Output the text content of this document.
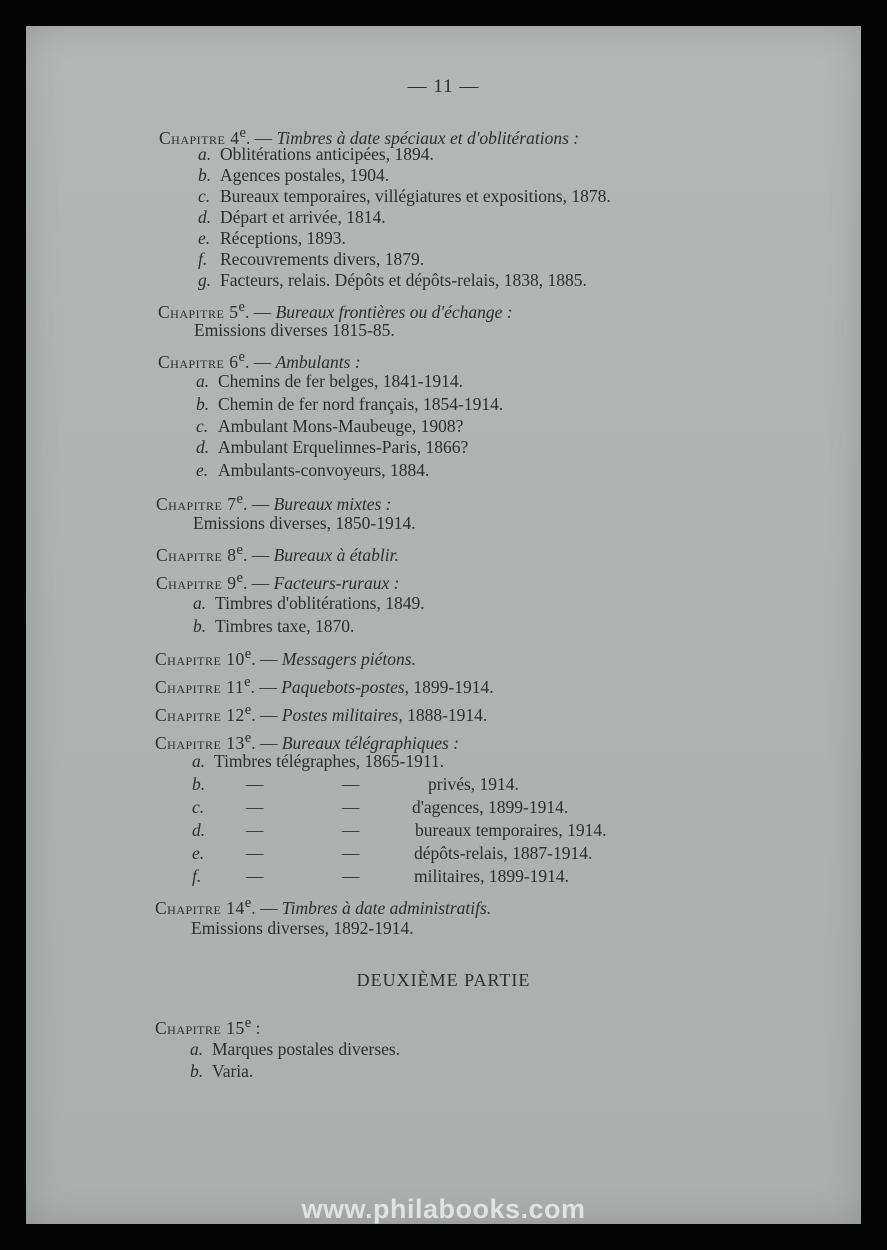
— 11 —
Chapitre 4e. — Timbres à date spéciaux et d'oblitérations :
a. Oblitérations anticipées, 1894.
b. Agences postales, 1904.
c. Bureaux temporaires, villégiatures et expositions, 1878.
d. Départ et arrivée, 1814.
e. Réceptions, 1893.
f. Recouvrements divers, 1879.
g. Facteurs, relais. Dépôts et dépôts-relais, 1838, 1885.
Chapitre 5e. — Bureaux frontières ou d'échange :
Emissions diverses 1815-85.
Chapitre 6e. — Ambulants :
a. Chemins de fer belges, 1841-1914.
b. Chemin de fer nord français, 1854-1914.
c. Ambulant Mons-Maubeuge, 1908?
d. Ambulant Erquelinnes-Paris, 1866?
e. Ambulants-convoyeurs, 1884.
Chapitre 7e. — Bureaux mixtes :
Emissions diverses, 1850-1914.
Chapitre 8e. — Bureaux à établir.
Chapitre 9e. — Facteurs-ruraux :
a. Timbres d'oblitérations, 1849.
b. Timbres taxe, 1870.
Chapitre 10e. — Messagers piétons.
Chapitre 11e. — Paquebots-postes, 1899-1914.
Chapitre 12e. — Postes militaires, 1888-1914.
Chapitre 13e. — Bureaux télégraphiques :
a. Timbres télégraphes, 1865-1911.
b. —	—	privés, 1914.
c. —	—	d'agences, 1899-1914.
d. —	—	bureaux temporaires, 1914.
e. —	—	dépôts-relais, 1887-1914.
f.	—	—	militaires, 1899-1914.
Chapitre 14e. — Timbres à date administratifs.
Emissions diverses, 1892-1914.
DEUXIÈME PARTIE
Chapitre 15e :
a. Marques postales diverses.
b. Varia.
www.philabooks.com
